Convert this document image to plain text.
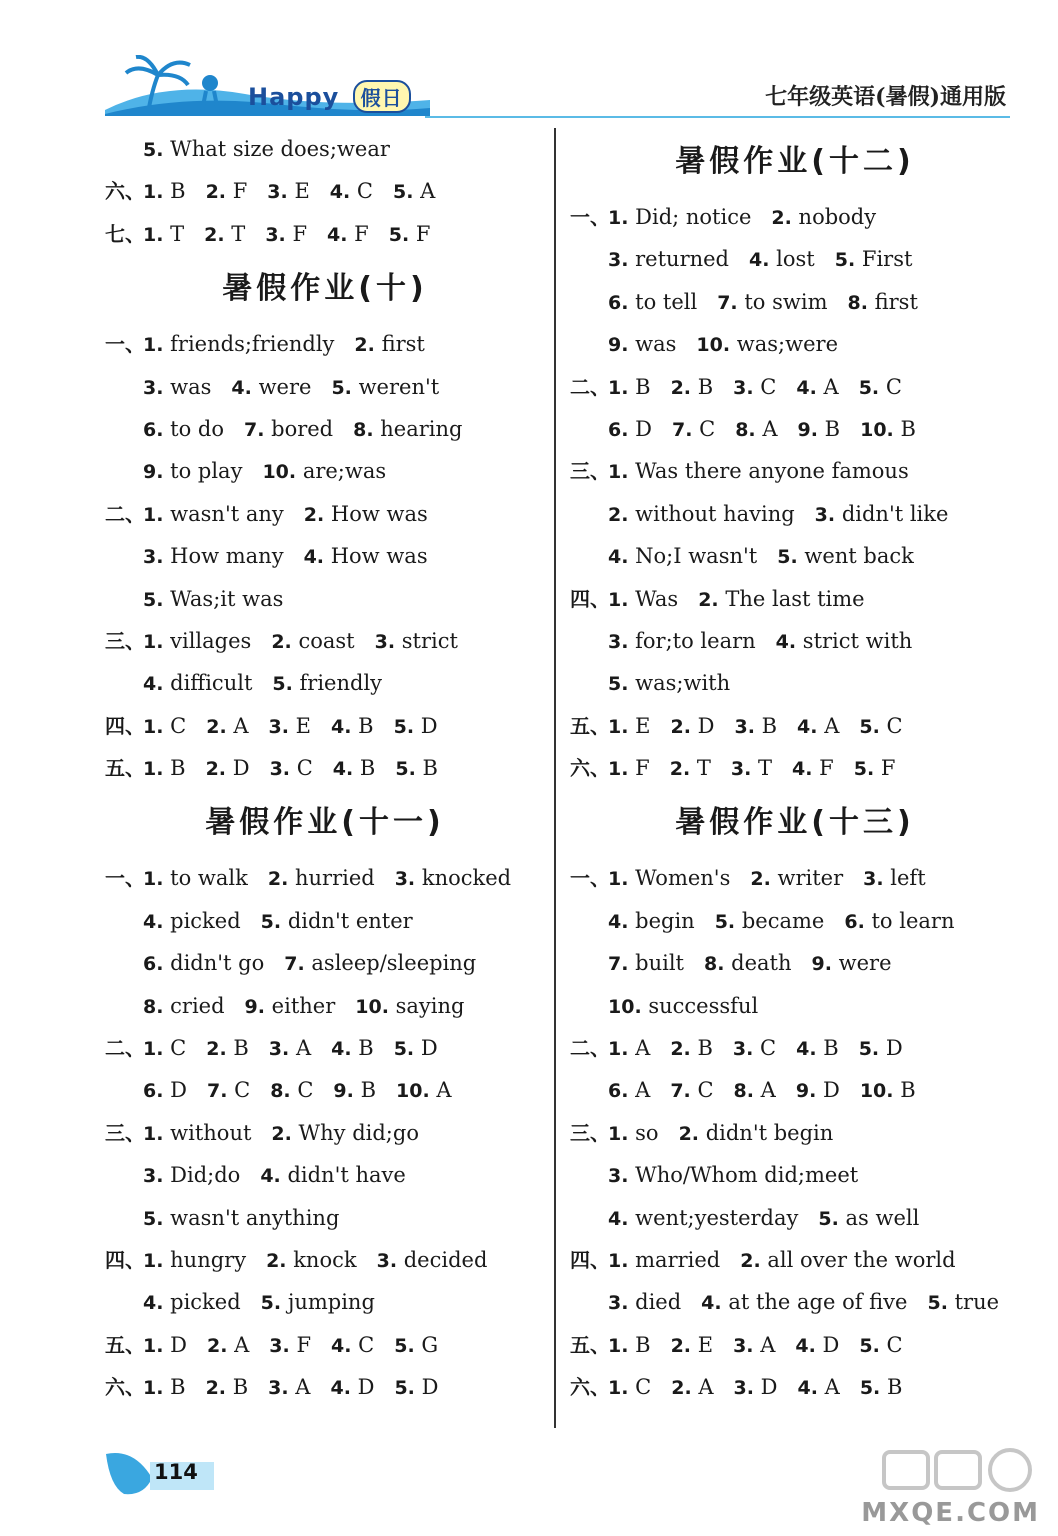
Happy 假日	七年级英语(暑假)通用版
5. What size does;wear
六、1. B 2. F 3. E 4. C 5. A
七、1. T 2. T 3. F 4. F 5. F
暑假作业(十)
一、1. friends;friendly 2. first
3. was 4. were 5. weren't
6. to do 7. bored 8. hearing
9. to play 10. are;was
二、1. wasn't any 2. How was
3. How many 4. How was
5. Was;it was
三、1. villages 2. coast 3. strict
4. difficult 5. friendly
四、1. C 2. A 3. E 4. B 5. D
五、1. B 2. D 3. C 4. B 5. B
暑假作业(十一)
一、1. to walk 2. hurried 3. knocked
4. picked 5. didn't enter
6. didn't go 7. asleep/sleeping
8. cried 9. either 10. saying
二、1. C 2. B 3. A 4. B 5. D
6. D 7. C 8. C 9. B 10. A
三、1. without 2. Why did;go
3. Did;do 4. didn't have
5. wasn't anything
四、1. hungry 2. knock 3. decided
4. picked 5. jumping
五、1. D 2. A 3. F 4. C 5. G
六、1. B 2. B 3. A 4. D 5. D
暑假作业(十二)
一、1. Did; notice 2. nobody
3. returned 4. lost 5. First
6. to tell 7. to swim 8. first
9. was 10. was;were
二、1. B 2. B 3. C 4. A 5. C
6. D 7. C 8. A 9. B 10. B
三、1. Was there anyone famous
2. without having 3. didn't like
4. No;I wasn't 5. went back
四、1. Was 2. The last time
3. for;to learn 4. strict with
5. was;with
五、1. E 2. D 3. B 4. A 5. C
六、1. F 2. T 3. T 4. F 5. F
暑假作业(十三)
一、1. Women's 2. writer 3. left
4. begin 5. became 6. to learn
7. built 8. death 9. were
10. successful
二、1. A 2. B 3. C 4. B 5. D
6. A 7. C 8. A 9. D 10. B
三、1. so 2. didn't begin
3. Who/Whom did;meet
4. went;yesterday 5. as well
四、1. married 2. all over the world
3. died 4. at the age of five 5. true
五、1. B 2. E 3. A 4. D 5. C
六、1. C 2. A 3. D 4. A 5. B
114
MXQE.COM
